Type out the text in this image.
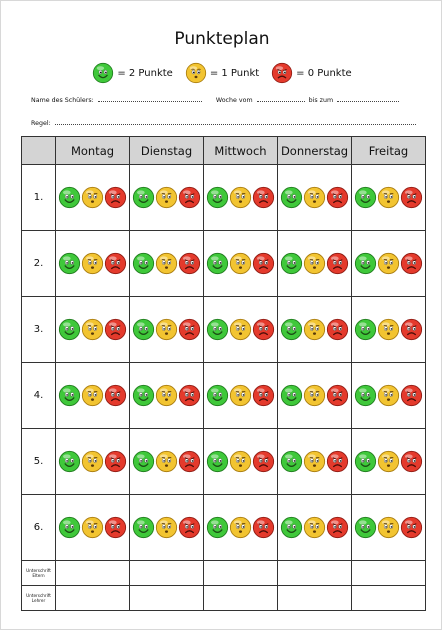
Punkteplan
= 2 Punkte	= 1 Punkt	= 0 Punkte
Name des Schülers:	Woche vom	bis zum
Regel:
	Montag	Dienstag	Mittwoch	Donnerstag	Freitag
1.	

2.	

3.	

4.	

5.	

6.	

Unterschrift Eltern					
Unterschrift Lehrer					
